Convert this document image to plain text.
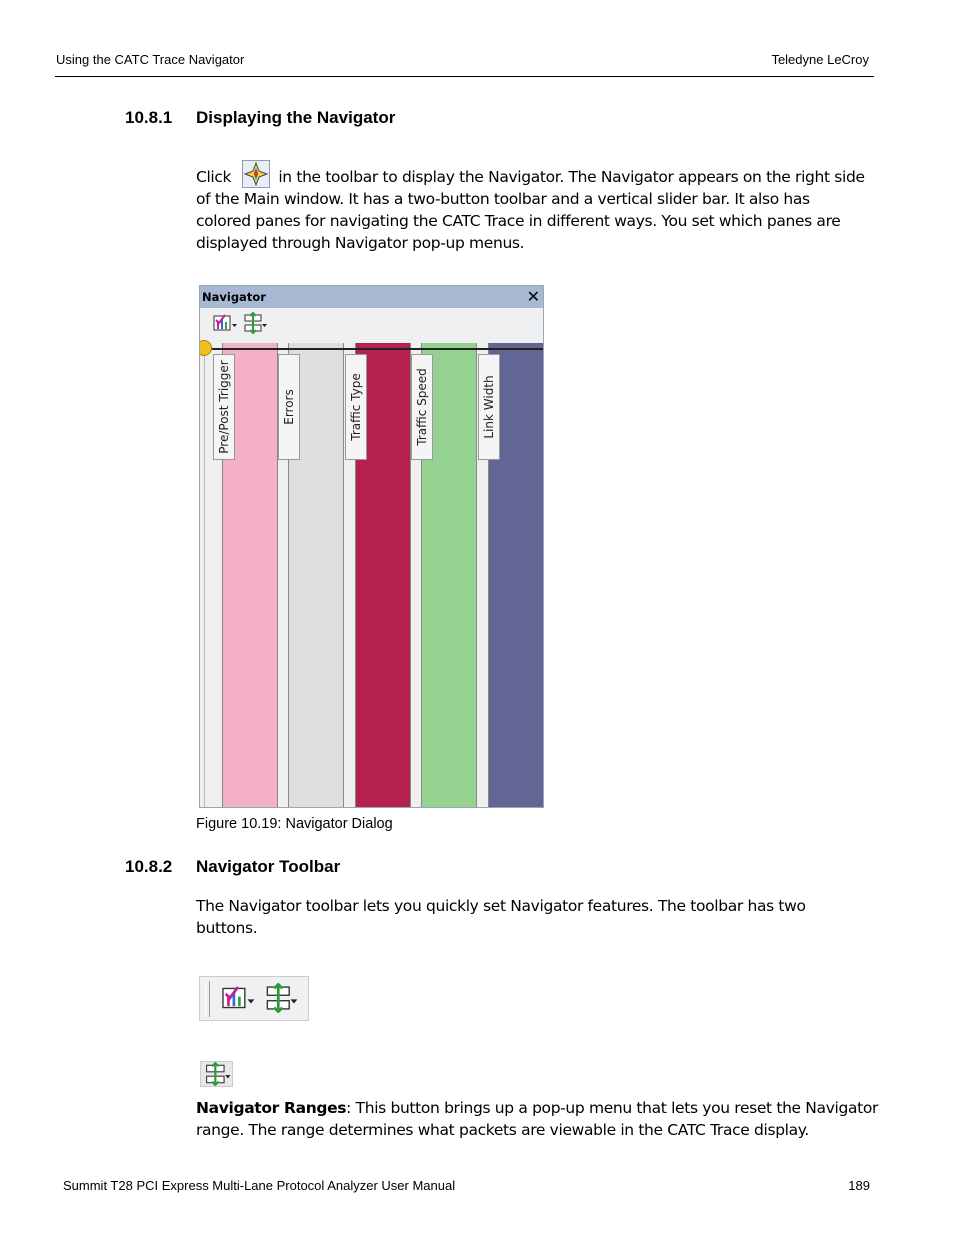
Using the CATC Trace Navigator	Teledyne LeCroy
10.8.1 Displaying the Navigator
Click	in the toolbar to display the Navigator. The Navigator appears on the right side
of the Main window. It has a two-button toolbar and a vertical slider bar. It also has
colored panes for navigating the CATC Trace in different ways. You set which panes are
displayed through Navigator pop-up menus.
Navigator	✕
Pre/Post Trigger	Errors	Traffic Type	Traffic Speed	Link Width
Figure 10.19: Navigator Dialog
10.8.2 Navigator Toolbar
The Navigator toolbar lets you quickly set Navigator features. The toolbar has two
buttons.
Navigator Ranges: This button brings up a pop-up menu that lets you reset the Navigator
range. The range determines what packets are viewable in the CATC Trace display.
Summit T28 PCI Express Multi-Lane Protocol Analyzer User Manual	189
